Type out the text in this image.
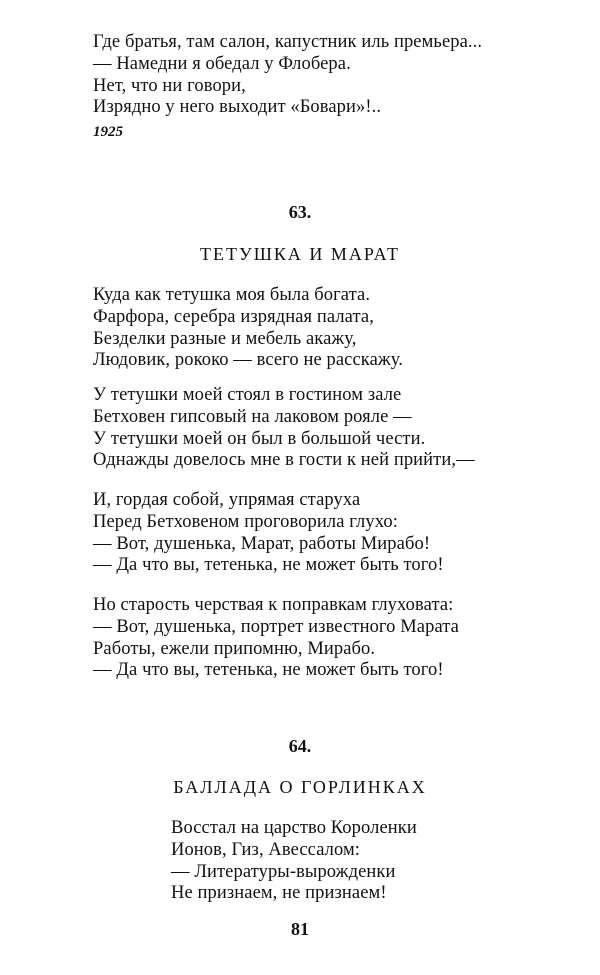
Где братья, там салон, капустник иль премьера...
— Намедни я обедал у Флобера.
Нет, что ни говори,
Изрядно у него выходит «Бовари»!..
1925
63.
ТЕТУШКА И МАРАТ
Куда как тетушка моя была богата.
Фарфора, серебра изрядная палата,
Безделки разные и мебель акажу,
Людовик, рококо — всего не расскажу.
У тетушки моей стоял в гостином зале
Бетховен гипсовый на лаковом рояле —
У тетушки моей он был в большой чести.
Однажды довелось мне в гости к ней прийти,—
И, гордая собой, упрямая старуха
Перед Бетховеном проговорила глухо:
— Вот, душенька, Марат, работы Мирабо!
— Да что вы, тетенька, не может быть того!
Но старость черствая к поправкам глуховата:
— Вот, душенька, портрет известного Марата
Работы, ежели припомню, Мирабо.
— Да что вы, тетенька, не может быть того!
64.
БАЛЛАДА О ГОРЛИНКАХ
Восстал на царство Короленки
Ионов, Гиз, Авессалом:
— Литературы-вырожденки
Не признаем, не признаем!
81
